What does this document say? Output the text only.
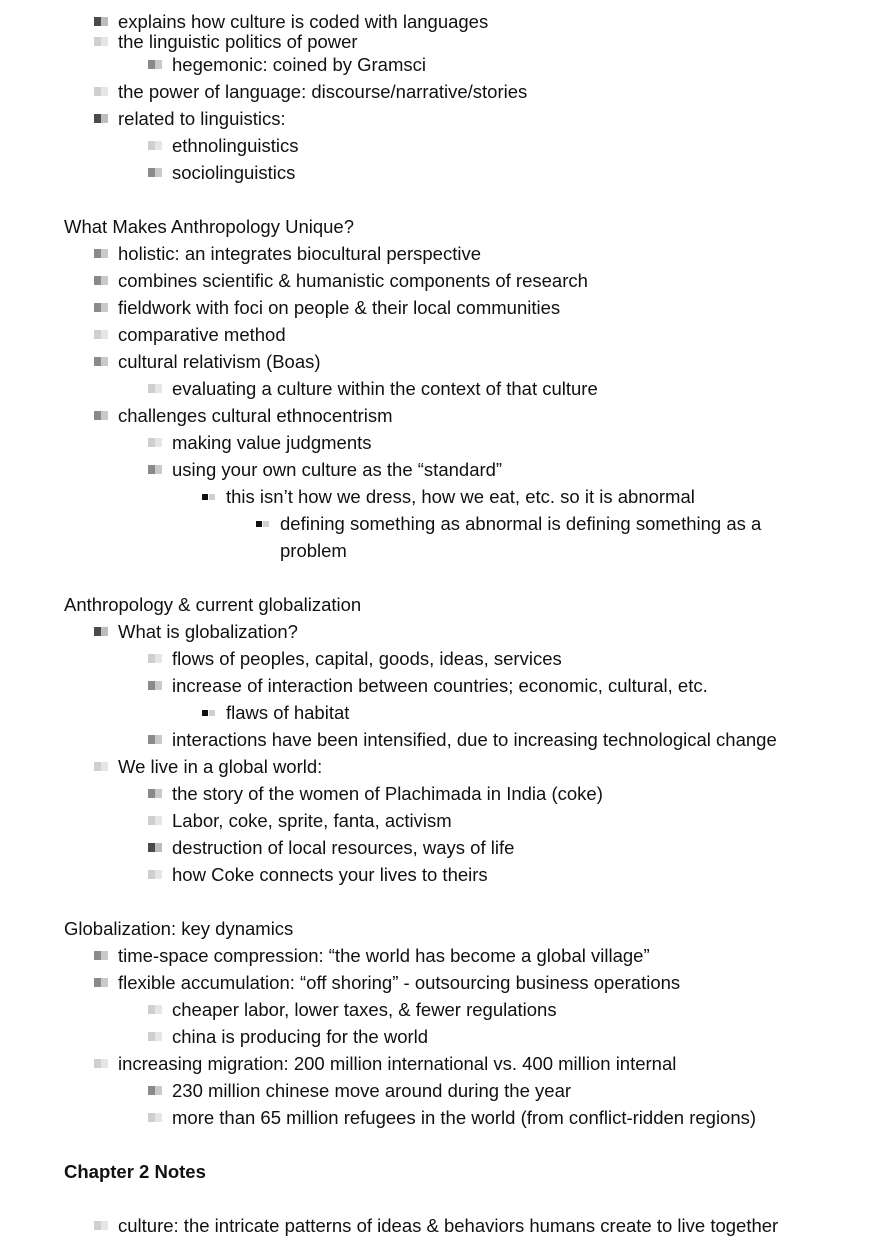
explains how culture is coded with languages
the linguistic politics of power
hegemonic: coined by Gramsci
the power of language: discourse/narrative/stories
related to linguistics:
ethnolinguistics
sociolinguistics
What Makes Anthropology Unique?
holistic: an integrates biocultural perspective
combines scientific & humanistic components of research
fieldwork with foci on people & their local communities
comparative method
cultural relativism (Boas)
evaluating a culture within the context of that culture
challenges cultural ethnocentrism
making value judgments
using your own culture as the “standard”
this isn’t how we dress, how we eat, etc. so it is abnormal
defining something as abnormal is defining something as a problem
Anthropology & current globalization
What is globalization?
flows of peoples, capital, goods, ideas, services
increase of interaction between countries; economic, cultural, etc.
flaws of habitat
interactions have been intensified, due to increasing technological change
We live in a global world:
the story of the women of Plachimada in India (coke)
Labor, coke, sprite, fanta, activism
destruction of local resources, ways of life
how Coke connects your lives to theirs
Globalization: key dynamics
time-space compression: “the world has become a global village”
flexible accumulation: “off shoring” - outsourcing business operations
cheaper labor, lower taxes, & fewer regulations
china is producing for the world
increasing migration: 200 million international vs. 400 million internal
230 million chinese move around during the year
more than 65 million refugees in the world (from conflict-ridden regions)
Chapter 2 Notes
culture: the intricate patterns of ideas & behaviors humans create to live together
